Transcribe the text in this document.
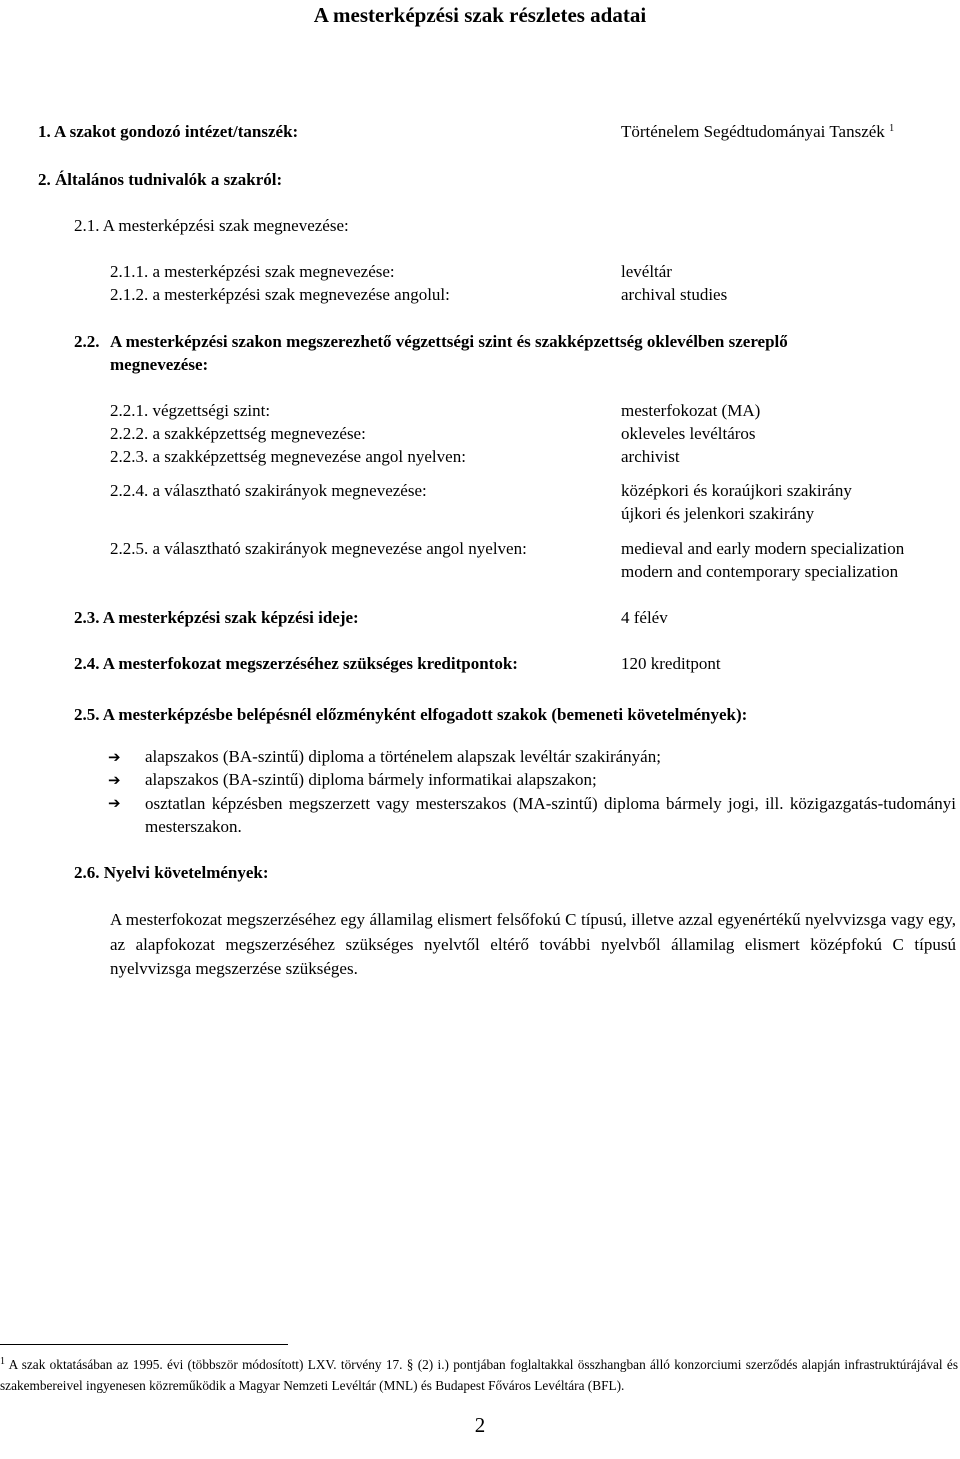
A mesterképzési szak részletes adatai
1. A szakot gondozó intézet/tanszék:	Történelem Segédtudományai Tanszék $^1$
2. Általános tudnivalók a szakról:
2.1. A mesterképzési szak megnevezése:
2.1.1. a mesterképzési szak megnevezése:	levéltár
2.1.2. a mesterképzési szak megnevezése angolul:	archival studies
2.2. A mesterképzési szakon megszerezhető végzettségi szint és szakképzettség oklevélben szereplő
megnevezése:
2.2.1. végzettségi szint:	mesterfokozat (MA)
2.2.2. a szakképzettség megnevezése:	okleveles levéltáros
2.2.3. a szakképzettség megnevezése angol nyelven:	archivist
2.2.4. a választható szakirányok megnevezése:	középkori és koraújkori szakirány
újkori és jelenkori szakirány
2.2.5. a választható szakirányok megnevezése angol nyelven:	medieval and early modern specialization
modern and contemporary specialization
2.3. A mesterképzési szak képzési ideje:	4 félév
2.4. A mesterfokozat megszerzéséhez szükséges kreditpontok:	120 kreditpont
2.5. A mesterképzésbe belépésnél előzményként elfogadott szakok (bemeneti követelmények):
➔ alapszakos (BA-szintű) diploma a történelem alapszak levéltár szakirányán;
➔ alapszakos (BA-szintű) diploma bármely informatikai alapszakon;
➔ osztatlan képzésben megszerzett vagy mesterszakos (MA-szintű) diploma bármely jogi, ill. közigazgatás-tudományi mesterszakon.
2.6. Nyelvi követelmények:
A mesterfokozat megszerzéséhez egy államilag elismert felsőfokú C típusú, illetve azzal egyenértékű nyelvvizsga vagy egy, az alapfokozat megszerzéséhez szükséges nyelvtől eltérő további nyelvből államilag elismert középfokú C típusú nyelvvizsga megszerzése szükséges.
$^1$ A szak oktatásában az 1995. évi (többször módosított) LXV. törvény 17. § (2) i.) pontjában foglaltakkal összhangban álló konzorciumi szerződés alapján infrastruktúrájával és szakembereivel ingyenesen közreműködik a Magyar Nemzeti Levéltár (MNL) és Budapest Főváros Levéltára (BFL).
2
